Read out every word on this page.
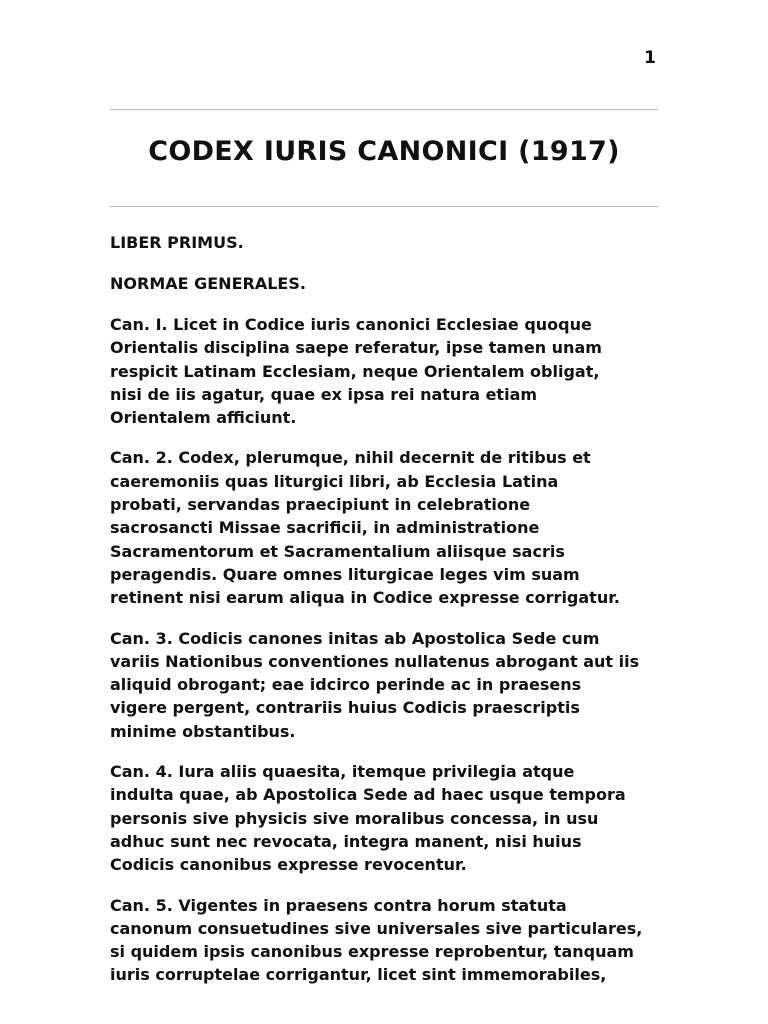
1
CODEX IURIS CANONICI (1917)
LIBER PRIMUS.
NORMAE GENERALES.
Can. I. Licet in Codice iuris canonici Ecclesiae quoque
Orientalis disciplina saepe referatur, ipse tamen unam
respicit Latinam Ecclesiam, neque Orientalem obligat,
nisi de iis agatur, quae ex ipsa rei natura etiam
Orientalem afficiunt.
Can. 2. Codex, plerumque, nihil decernit de ritibus et
caeremoniis quas liturgici libri, ab Ecclesia Latina
probati, servandas praecipiunt in celebratione
sacrosancti Missae sacrificii, in administratione
Sacramentorum et Sacramentalium aliisque sacris
peragendis. Quare omnes liturgicae leges vim suam
retinent nisi earum aliqua in Codice expresse corrigatur.
Can. 3. Codicis canones initas ab Apostolica Sede cum
variis Nationibus conventiones nullatenus abrogant aut iis
aliquid obrogant; eae idcirco perinde ac in praesens
vigere pergent, contrariis huius Codicis praescriptis
minime obstantibus.
Can. 4. Iura aliis quaesita, itemque privilegia atque
indulta quae, ab Apostolica Sede ad haec usque tempora
personis sive physicis sive moralibus concessa, in usu
adhuc sunt nec revocata, integra manent, nisi huius
Codicis canonibus expresse revocentur.
Can. 5. Vigentes in praesens contra horum statuta
canonum consuetudines sive universales sive particulares,
si quidem ipsis canonibus expresse reprobentur, tanquam
iuris corruptelae corrigantur, licet sint immemorabiles,
